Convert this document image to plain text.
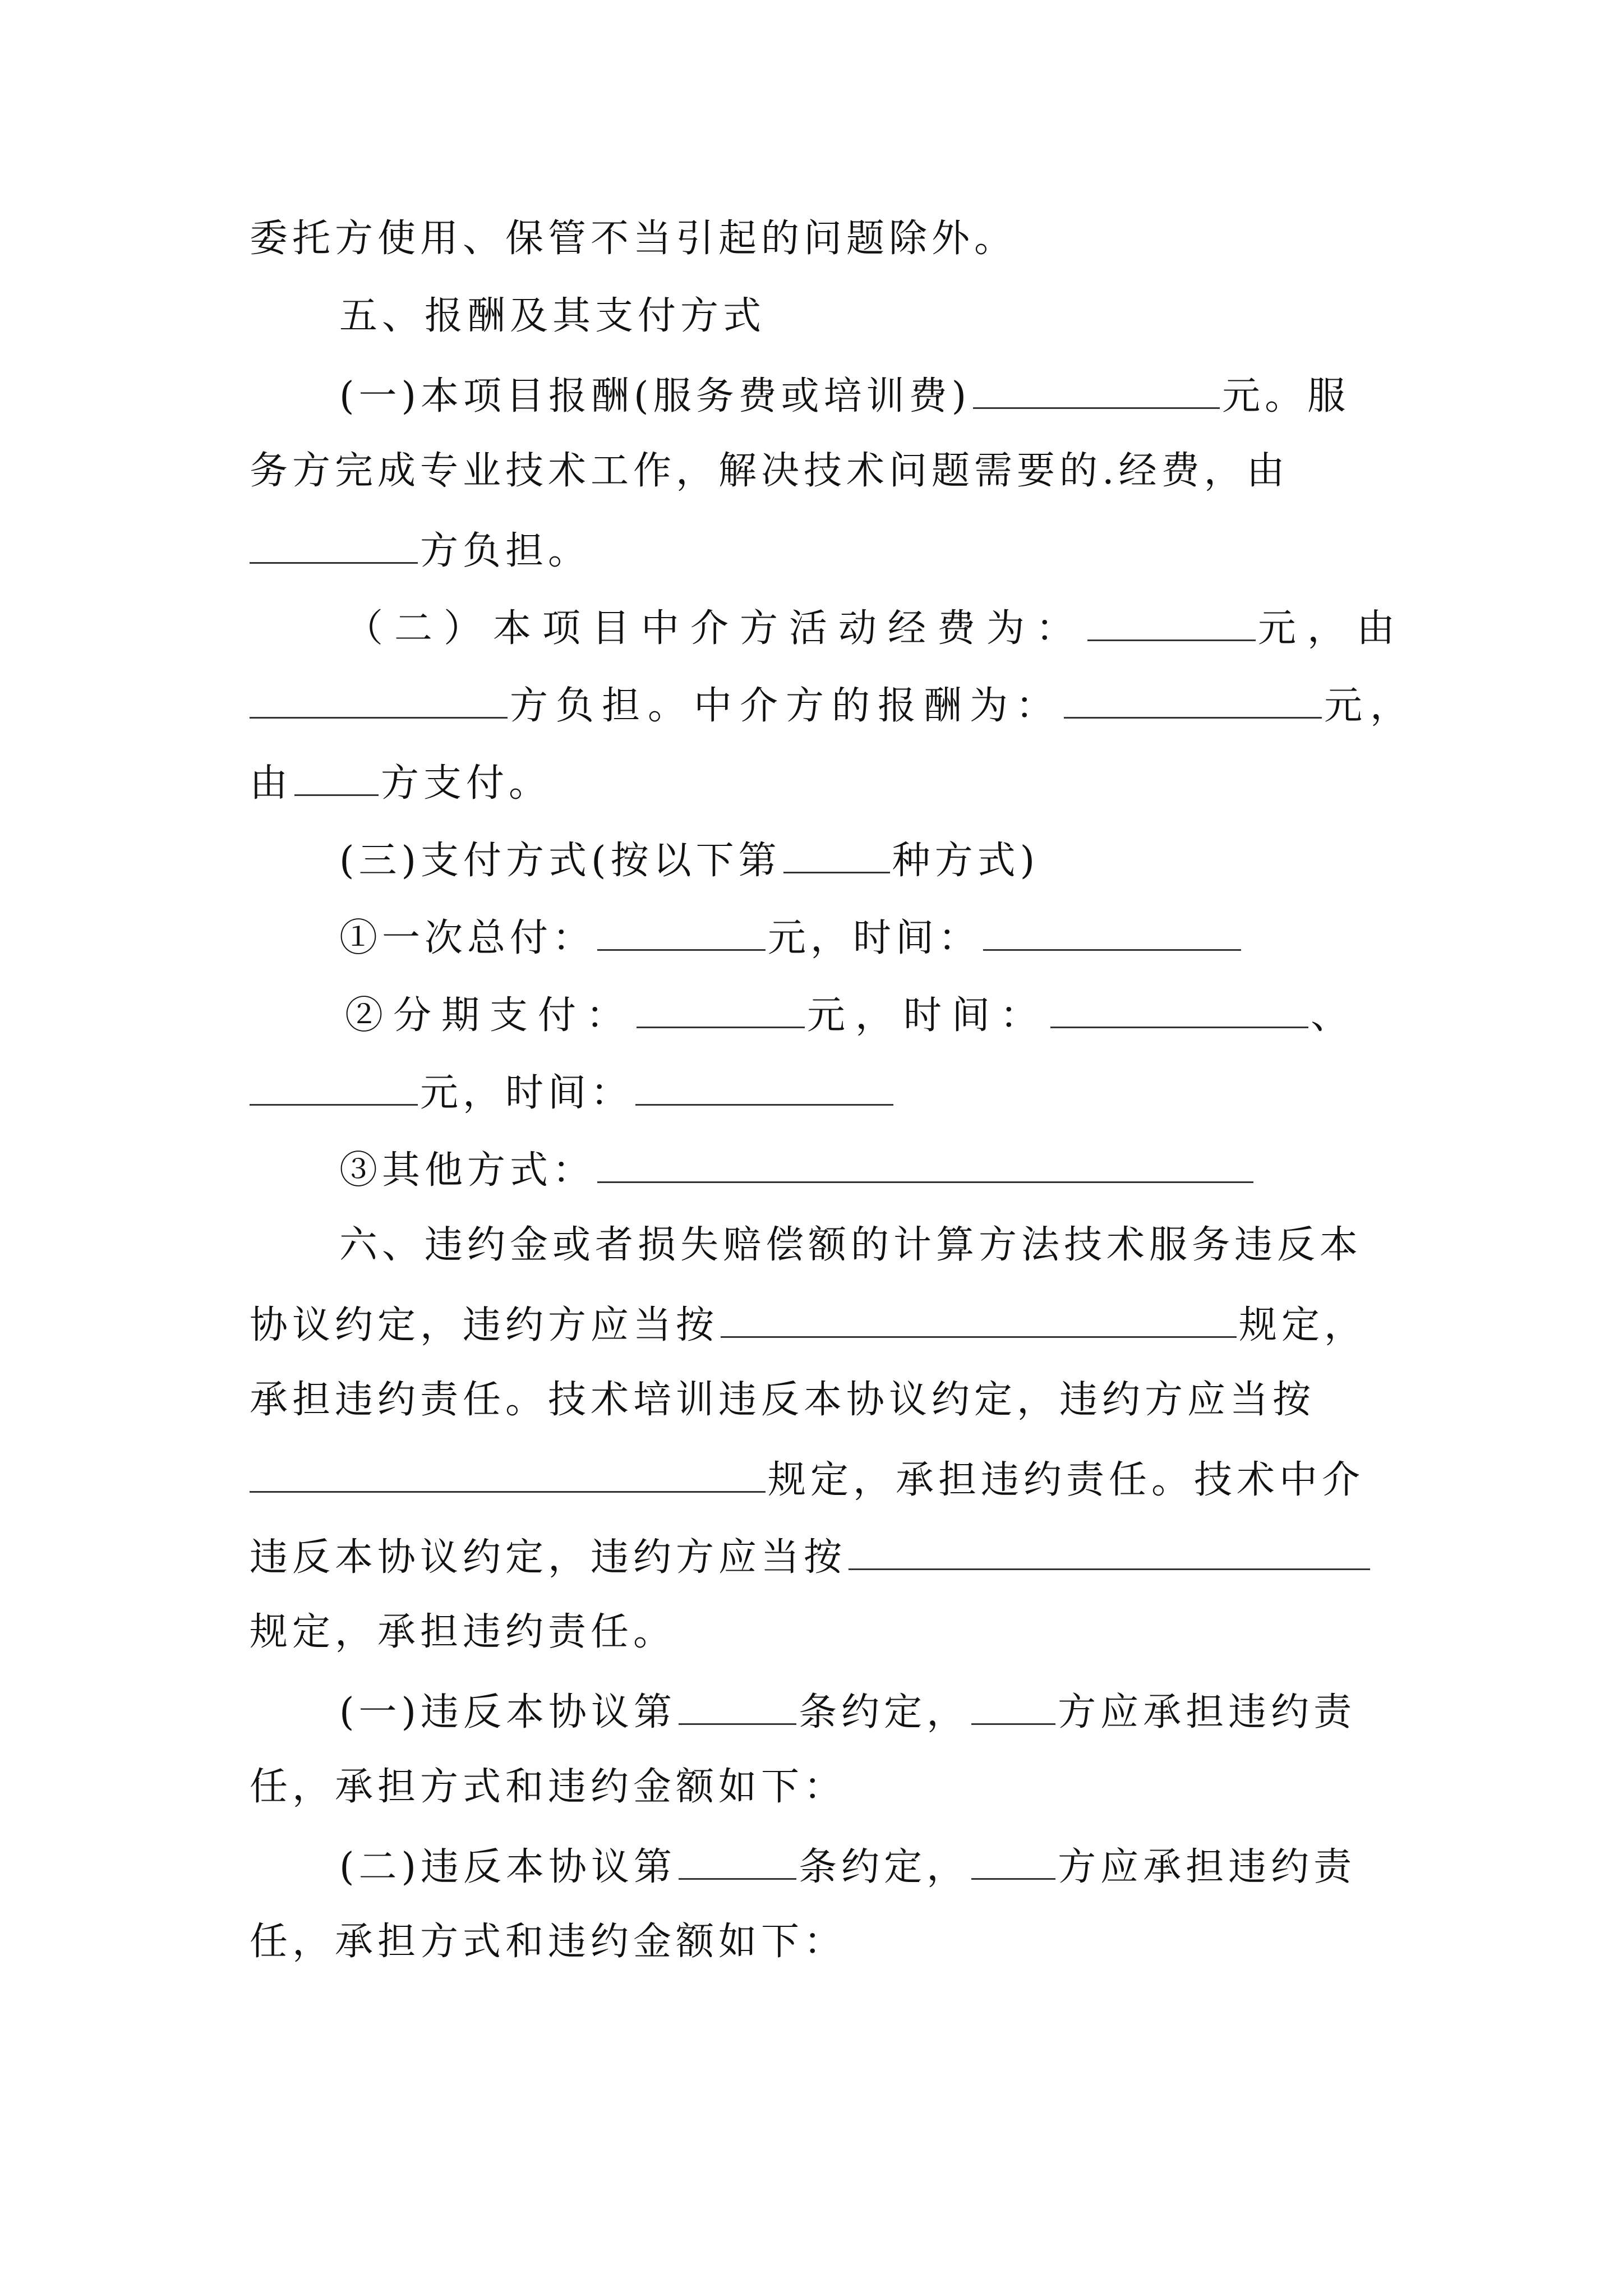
委托方使用、保管不当引起的问题除外。
五、报酬及其支付方式
(一)本项目报酬(服务费或培训费)	元。服
务方完成专业技术工作，解决技术问题需要的.经费，由
方负担。
（二）本项目中介方活动经费为：	元，由
方负担。中介方的报酬为：	元，
由 方支付。
(三)支付方式(按以下第	种方式)
①一次总付：	元，时间：
②分期支付：	元，时间：	、
元，时间：
③其他方式：
六、违约金或者损失赔偿额的计算方法技术服务违反本
协议约定，违约方应当按	规定，
承担违约责任。技术培训违反本协议约定，违约方应当按
规定，承担违约责任。技术中介
违反本协议约定，违约方应当按
规定，承担违约责任。
(一)违反本协议第	条约定， 方应承担违约责
任，承担方式和违约金额如下：
(二)违反本协议第	条约定， 方应承担违约责
任，承担方式和违约金额如下：
